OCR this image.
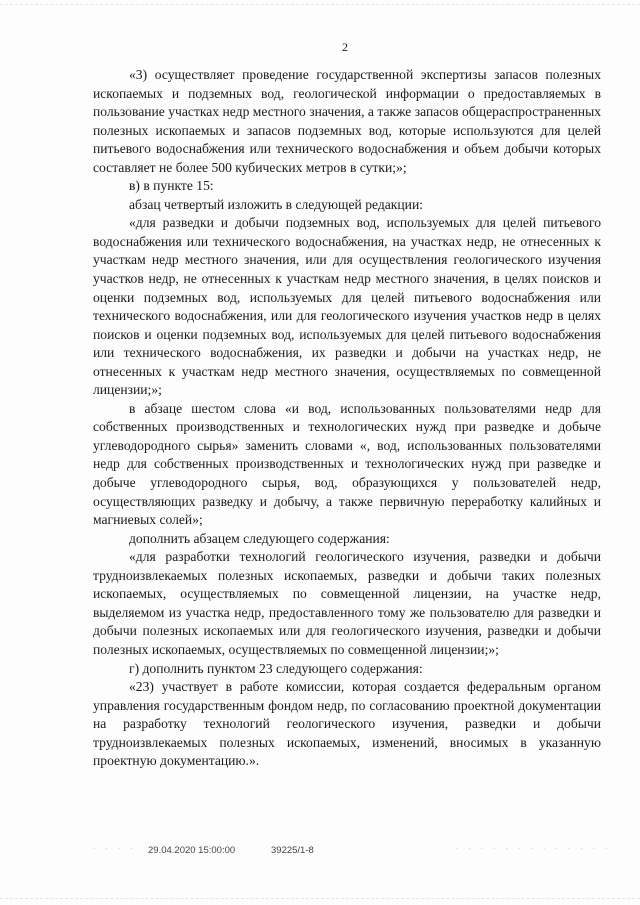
2

«3) осуществляет проведение государственной экспертизы запасов полезных ископаемых и подземных вод, геологической информации о предоставляемых в пользование участках недр местного значения, а также запасов общераспространенных полезных ископаемых и запасов подземных вод, которые используются для целей питьевого водоснабжения или технического водоснабжения и объем добычи которых составляет не более 500 кубических метров в сутки;»;

в) в пункте 15:

абзац четвертый изложить в следующей редакции:

«для разведки и добычи подземных вод, используемых для целей питьевого водоснабжения или технического водоснабжения, на участках недр, не отнесенных к участкам недр местного значения, или для осуществления геологического изучения участков недр, не отнесенных к участкам недр местного значения, в целях поисков и оценки подземных вод, используемых для целей питьевого водоснабжения или технического водоснабжения, или для геологического изучения участков недр в целях поисков и оценки подземных вод, используемых для целей питьевого водоснабжения или технического водоснабжения, их разведки и добычи на участках недр, не отнесенных к участкам недр местного значения, осуществляемых по совмещенной лицензии;»;

в абзаце шестом слова «и вод, использованных пользователями недр для собственных производственных и технологических нужд при разведке и добыче углеводородного сырья» заменить словами «, вод, использованных пользователями недр для собственных производственных и технологических нужд при разведке и добыче углеводородного сырья, вод, образующихся у пользователей недр, осуществляющих разведку и добычу, а также первичную переработку калийных и магниевых солей»;

дополнить абзацем следующего содержания:

«для разработки технологий геологического изучения, разведки и добычи трудноизвлекаемых полезных ископаемых, разведки и добычи таких полезных ископаемых, осуществляемых по совмещенной лицензии, на участке недр, выделяемом из участка недр, предоставленного тому же пользователю для разведки и добычи полезных ископаемых или для геологического изучения, разведки и добычи полезных ископаемых, осуществляемых по совмещенной лицензии;»;

г) дополнить пунктом 23 следующего содержания:

«23) участвует в работе комиссии, которая создается федеральным органом управления государственным фондом недр, по согласованию проектной документации на разработку технологий геологического изучения, разведки и добычи трудноизвлекаемых полезных ископаемых, изменений, вносимых в указанную проектную документацию.».

29.04.2020 15:00:00	39225/1-8
· · · ·	· · · · · · · · · · · · ·
